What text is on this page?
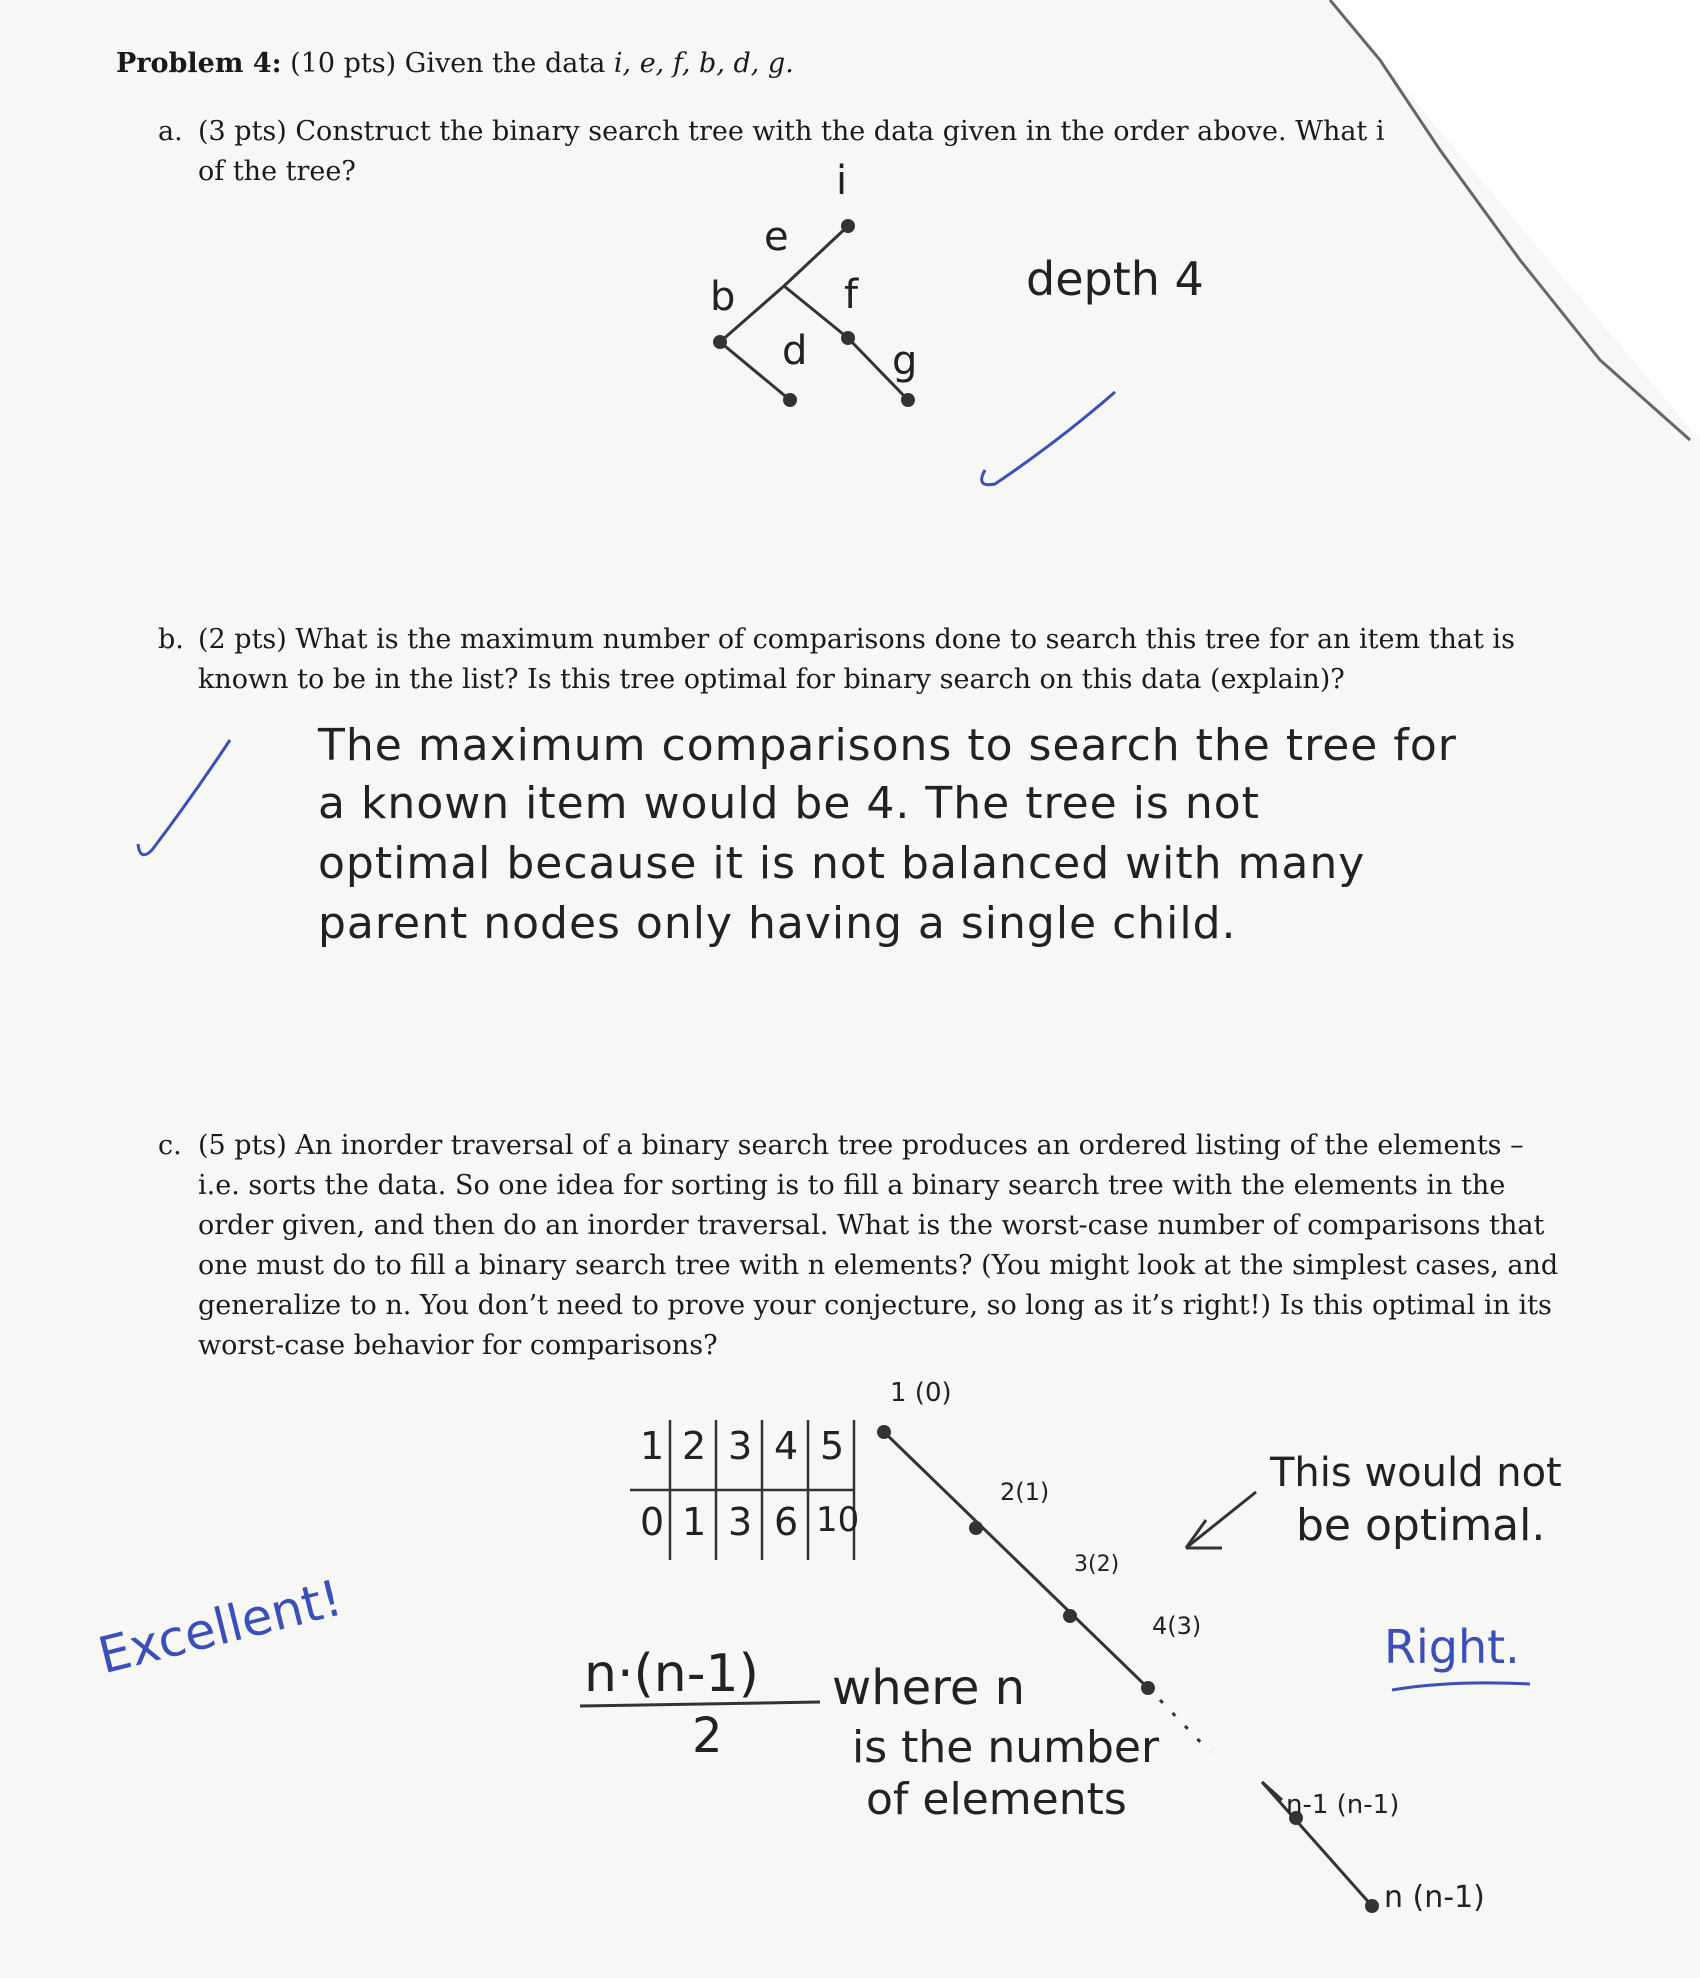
Problem 4: (10 pts) Given the data i, e, f, b, d, g.
a. (3 pts) Construct the binary search tree with the data given in the order above. What i
of the tree?	i
e
b	f
d g
depth 4
b. (2 pts) What is the maximum number of comparisons done to search this tree for an item that is
known to be in the list? Is this tree optimal for binary search on this data (explain)?
The maximum comparisons to search the tree for
a known item would be 4. The tree is not
optimal because it is not balanced with many
parent nodes only having a single child.
c. (5 pts) An inorder traversal of a binary search tree produces an ordered listing of the elements –
i.e. sorts the data. So one idea for sorting is to fill a binary search tree with the elements in the
order given, and then do an inorder traversal. What is the worst-case number of comparisons that
one must do to fill a binary search tree with n elements? (You might look at the simplest cases, and
generalize to n. You don’t need to prove your conjecture, so long as it’s right!) Is this optimal in its
worst-case behavior for comparisons?
1 2 3 4 5
0 1 3 6 10
1 (0)
2(1)
3(2)
4(3)
n-1 (n-1)
n (n-1)
n·(n-1)
2
where n
is the number
of elements
This would not
be optimal.
Excellent!	Right.
